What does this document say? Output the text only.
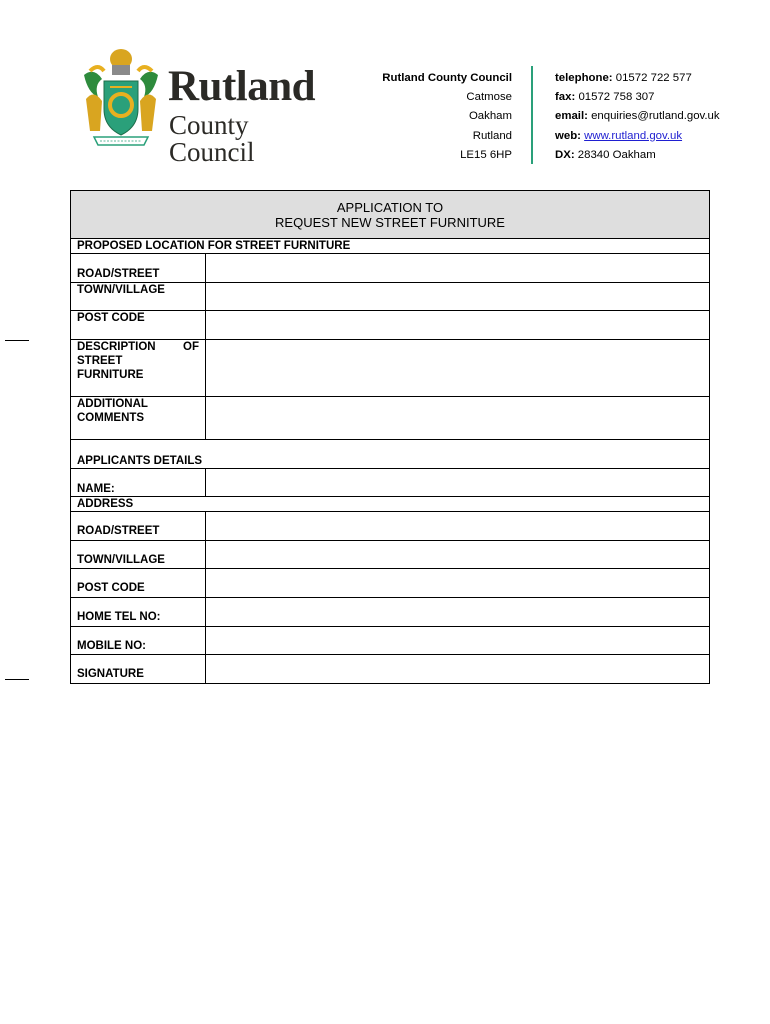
Rutland
County Council
Rutland County Council
Catmose
Oakham
Rutland
LE15 6HP
telephone: 01572 722 577
fax: 01572 758 307
email: enquiries@rutland.gov.uk
web: www.rutland.gov.uk
DX: 28340 Oakham
APPLICATION TO
REQUEST NEW STREET FURNITURE
PROPOSED LOCATION FOR STREET FURNITURE
ROAD/STREET
TOWN/VILLAGE
POST CODE
DESCRIPTION OF
STREET
FURNITURE
ADDITIONAL
COMMENTS
APPLICANTS DETAILS
NAME:
ADDRESS
ROAD/STREET
TOWN/VILLAGE
POST CODE
HOME TEL NO:
MOBILE NO:
SIGNATURE
